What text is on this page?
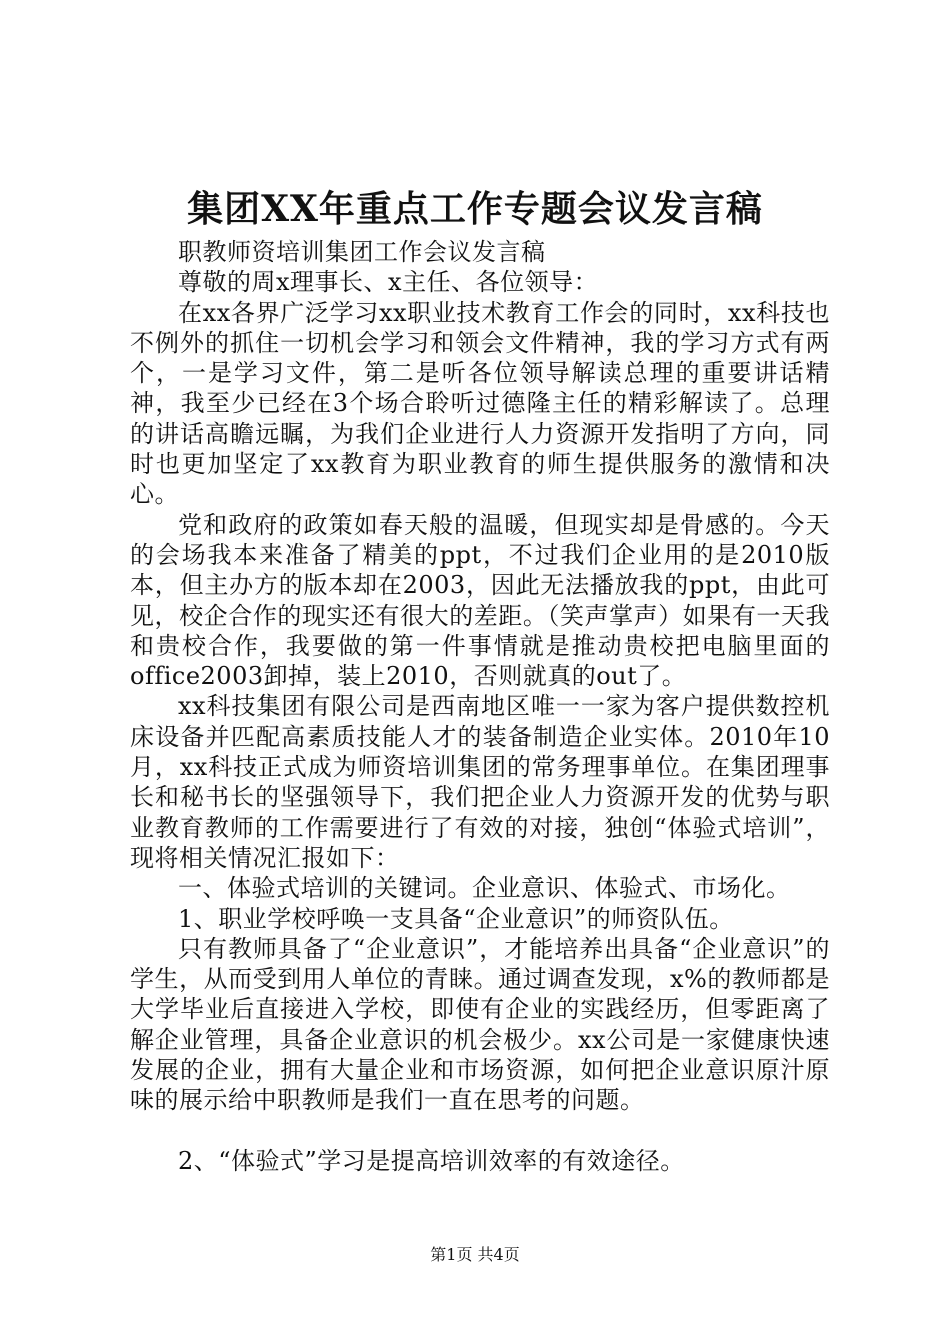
集团XX年重点工作专题会议发言稿

职教师资培训集团工作会议发言稿

尊敬的周x理事长、x主任、各位领导：

在xx各界广泛学习xx职业技术教育工作会的同时，xx科技也不例外的抓住一切机会学习和领会文件精神，我的学习方式有两个，一是学习文件，第二是听各位领导解读总理的重要讲话精神，我至少已经在3个场合聆听过德隆主任的精彩解读了。总理的讲话高瞻远瞩，为我们企业进行人力资源开发指明了方向，同时也更加坚定了xx教育为职业教育的师生提供服务的激情和决心。

党和政府的政策如春天般的温暖，但现实却是骨感的。今天的会场我本来准备了精美的ppt，不过我们企业用的是2010版本，但主办方的版本却在2003，因此无法播放我的ppt，由此可见，校企合作的现实还有很大的差距。（笑声掌声）如果有一天我和贵校合作，我要做的第一件事情就是推动贵校把电脑里面的office2003卸掉，装上2010，否则就真的out了。

xx科技集团有限公司是西南地区唯一一家为客户提供数控机床设备并匹配高素质技能人才的装备制造企业实体。2010年10月，xx科技正式成为师资培训集团的常务理事单位。在集团理事长和秘书长的坚强领导下，我们把企业人力资源开发的优势与职业教育教师的工作需要进行了有效的对接，独创“体验式培训”，现将相关情况汇报如下：

一、体验式培训的关键词。企业意识、体验式、市场化。

1、职业学校呼唤一支具备“企业意识”的师资队伍。

只有教师具备了“企业意识”，才能培养出具备“企业意识”的学生，从而受到用人单位的青睐。通过调查发现，x%的教师都是大学毕业后直接进入学校，即使有企业的实践经历，但零距离了解企业管理，具备企业意识的机会极少。xx公司是一家健康快速发展的企业，拥有大量企业和市场资源，如何把企业意识原汁原味的展示给中职教师是我们一直在思考的问题。

2、“体验式”学习是提高培训效率的有效途径。

第1页 共4页
